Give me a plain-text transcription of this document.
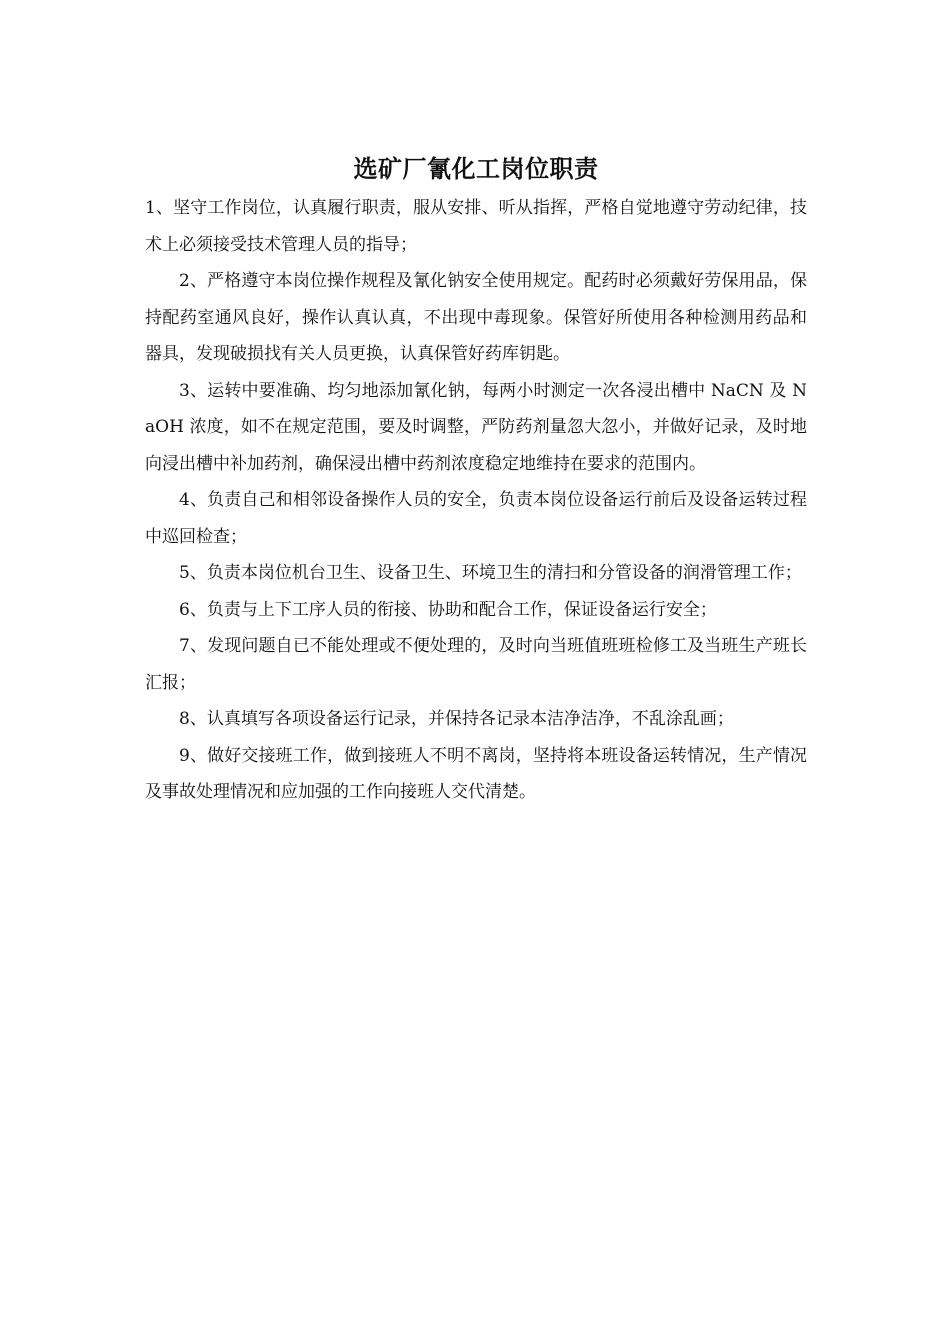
选矿厂氰化工岗位职责

1、坚守工作岗位，认真履行职责，服从安排、听从指挥，严格自觉地遵守劳动纪律，技术上必须接受技术管理人员的指导；

2、严格遵守本岗位操作规程及氰化钠安全使用规定。配药时必须戴好劳保用品，保持配药室通风良好，操作认真认真，不出现中毒现象。保管好所使用各种检测用药品和器具，发现破损找有关人员更换，认真保管好药库钥匙。

3、运转中要准确、均匀地添加氰化钠，每两小时测定一次各浸出槽中 NaCN 及 NaOH 浓度，如不在规定范围，要及时调整，严防药剂量忽大忽小，并做好记录，及时地向浸出槽中补加药剂，确保浸出槽中药剂浓度稳定地维持在要求的范围内。

4、负责自己和相邻设备操作人员的安全，负责本岗位设备运行前后及设备运转过程中巡回检查；

5、负责本岗位机台卫生、设备卫生、环境卫生的清扫和分管设备的润滑管理工作；

6、负责与上下工序人员的衔接、协助和配合工作，保证设备运行安全；

7、发现问题自已不能处理或不便处理的，及时向当班值班班检修工及当班生产班长汇报；

8、认真填写各项设备运行记录，并保持各记录本洁净洁净，不乱涂乱画；

9、做好交接班工作，做到接班人不明不离岗，坚持将本班设备运转情况，生产情况及事故处理情况和应加强的工作向接班人交代清楚。
